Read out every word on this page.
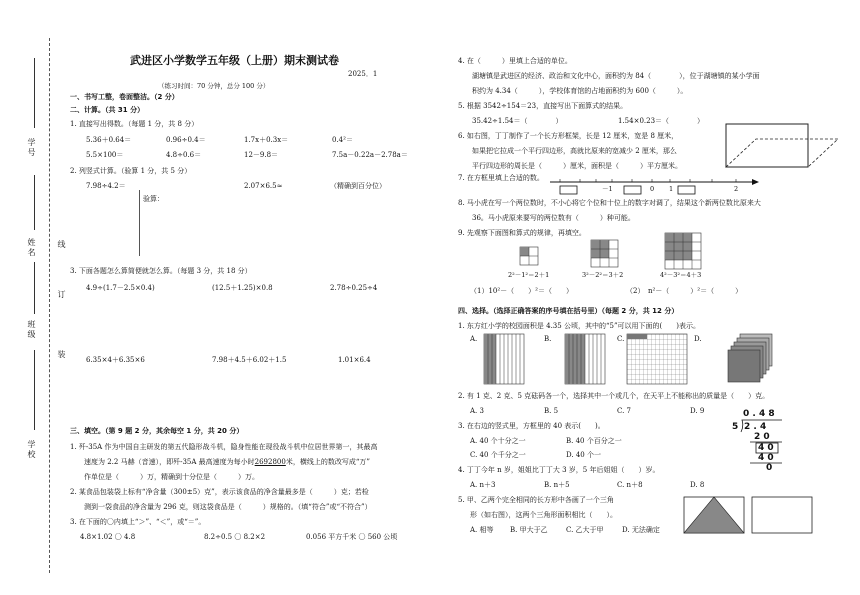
学号
姓名
班级
学校
线
订
装
武进区小学数学五年级（上册）期末测试卷
2025．1
（练习时间：70 分钟，总分 100 分）
一、书写工整，卷面整洁。（2 分）
二、计算。（共 31 分）
1. 直接写出得数。（每题 1 分，共 8 分）
5.36＋0.64＝	0.96÷0.4＝	1.7x＋0.3x＝	0.4²＝
5.5×100＝	4.8÷0.6＝	12－9.8＝	7.5a－0.22a－2.78a＝
2. 列竖式计算。（验算 1 分，共 5 分）
7.98÷4.2＝	2.07×6.5≈	（精确到百分位）
验算：
3. 下面各题怎么算简便就怎么算。（每题 3 分，共 18 分）
4.9÷(1.7－2.5×0.4)	(12.5＋1.25)×0.8	2.78÷0.25÷4
6.35×4＋6.35×6	7.98＋4.5＋6.02＋1.5	1.01×6.4
三、填空。（第 9 题 2 分，其余每空 1 分，共 20 分）
1. 歼-35A 作为中国自主研发的第五代隐形战斗机，隐身性能在现役战斗机中位居世界第一，其最高
速度为 2.2 马赫（音速），即歼-35A 最高速度为每小时2692800米，横线上的数改写成“万”
作单位是（　　　）万，精确到十分位是（　　　）万。
2. 某食品包装袋上标有“净含量（300±5）克”，表示该食品的净含量最多是（　　　）克；若检
测到一袋食品的净含量为 296 克，则这袋食品是（　　　）规格的。（填“符合”或“不符合”）
3. 在下面的〇内填上“＞”、“＜”，或“＝”。
4.8×1.02 〇 4.8	8.2÷0.5 〇 8.2×2	0.056 平方千米 〇 560 公顷
4. 在（　　　）里填上合适的单位。
湖塘镇是武进区的经济、政治和文化中心，面积约为 84（　　　　），位于湖塘镇的某小学面
积约为 4.34（　　　），学校体育馆的占地面积约为 600（　　　）。
5. 根据 3542÷154＝23，直接写出下面算式的结果。
35.42÷1.54＝（　　　　）	1.54×0.23＝（　　　　）
6. 如右图，丁丁制作了一个长方形框架，长是 12 厘米，宽是 8 厘米，
如果把它拉成一个平行四边形，高就比原来的宽减少 2 厘米，那么
平行四边形的周长是（　　　）厘米，面积是（　　　）平方厘米。
7. 在方框里填上合适的数。
－1	0 1	2
8. 马小虎在写一个两位数时，不小心将它个位和十位上的数字对调了，结果这个新两位数比原来大
36。马小虎原来要写的两位数有（　　　）种可能。
9. 先观察下面图和算式的规律，再填空。
2²－1²＝2＋1	3²－2²＝3＋2	4²－3²＝4＋3
（1）10²－（　　）²＝（　　）	（2）　n²－（　　　）²＝（　　　）
四、选择。（选择正确答案的序号填在括号里）（每题 2 分，共 12 分）
1. 东方红小学的校园面积是 4.35 公顷，其中的“5”可以用下面的(　　)表示。
A.	B.	C.	D.
2. 有 1 克、2 克、5 克砝码各一个，选择其中一个或几个，在天平上不能称出的质量是（　　）克。
A. 3	B. 5	C. 7	D. 9
3. 在右边的竖式里，方框里的 40 表示(　　)。
A. 40 个十分之一	B. 40 个百分之一
C. 40 个千分之一	D. 40 个一
0 . 4 8
5 2 . 4
2 0
4 0
4 0
0
4. 丁丁今年 n 岁，姐姐比丁丁大 3 岁，5 年后姐姐（　　）岁。
A. n＋3	B. n＋5	C. n＋8	D. 8
5. 甲、乙两个完全相同的长方形中各画了一个三角
形（如右图），这两个三角形面积相比（　　）。
A. 相等 B. 甲大于乙	C. 乙大于甲	D. 无法确定
